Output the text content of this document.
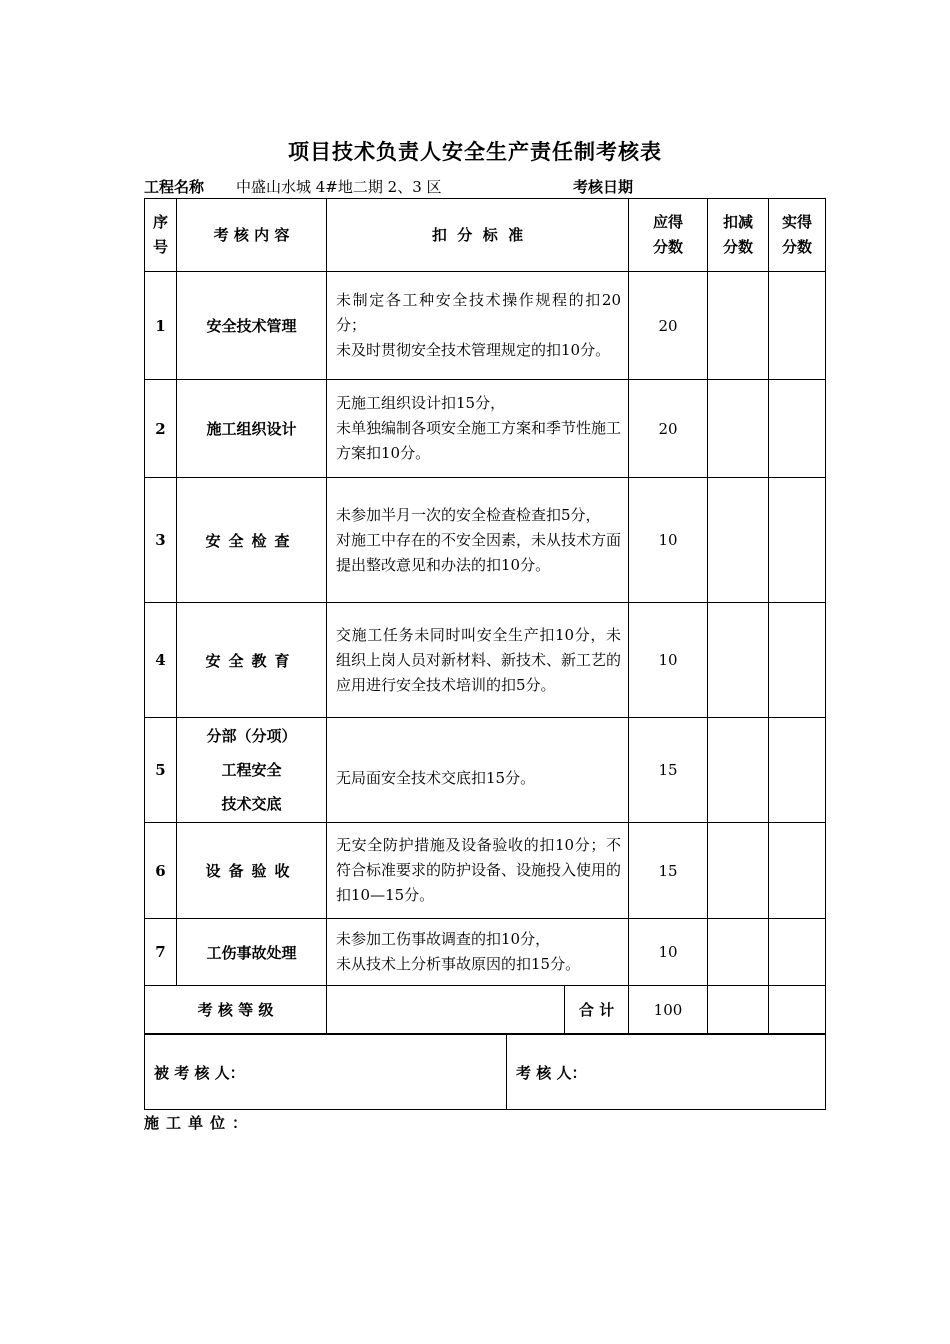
项目技术负责人安全生产责任制考核表
工程名称 中盛山水城 4#地二期 2、3 区	考核日期
序号	考 核 内 容	扣  分  标  准		应得分数	扣减分数	实得分数

1	安全技术管理	未制定各工种安全技术操作规程的扣20分；
未及时贯彻安全技术管理规定的扣10分。		20		
2	施工组织设计	无施工组织设计扣15分，
未单独编制各项安全施工方案和季节性施工方案扣10分。		20		
3	安全检查	未参加半月一次的安全检查检查扣5分，
对施工中存在的不安全因素，未从技术方面提出整改意见和办法的扣10分。		10		
4	安全教育	交施工任务未同时叫安全生产扣10分，未组织上岗人员对新材料、新技术、新工艺的应用进行安全技术培训的扣5分。		10		
5	分部（分项）
工程安全
技术交底	无局面安全技术交底扣15分。		15		
6	设备验收	无安全防护措施及设备验收的扣10分；不符合标准要求的防护设备、设施投入使用的扣10—15分。		15		
7	工伤事故处理	未参加工伤事故调查的扣10分，
未从技术上分析事故原因的扣15分。		10		
考 核 等 级			合 计	100		
被 考 核 人：	考 核 人：
施工单位：
